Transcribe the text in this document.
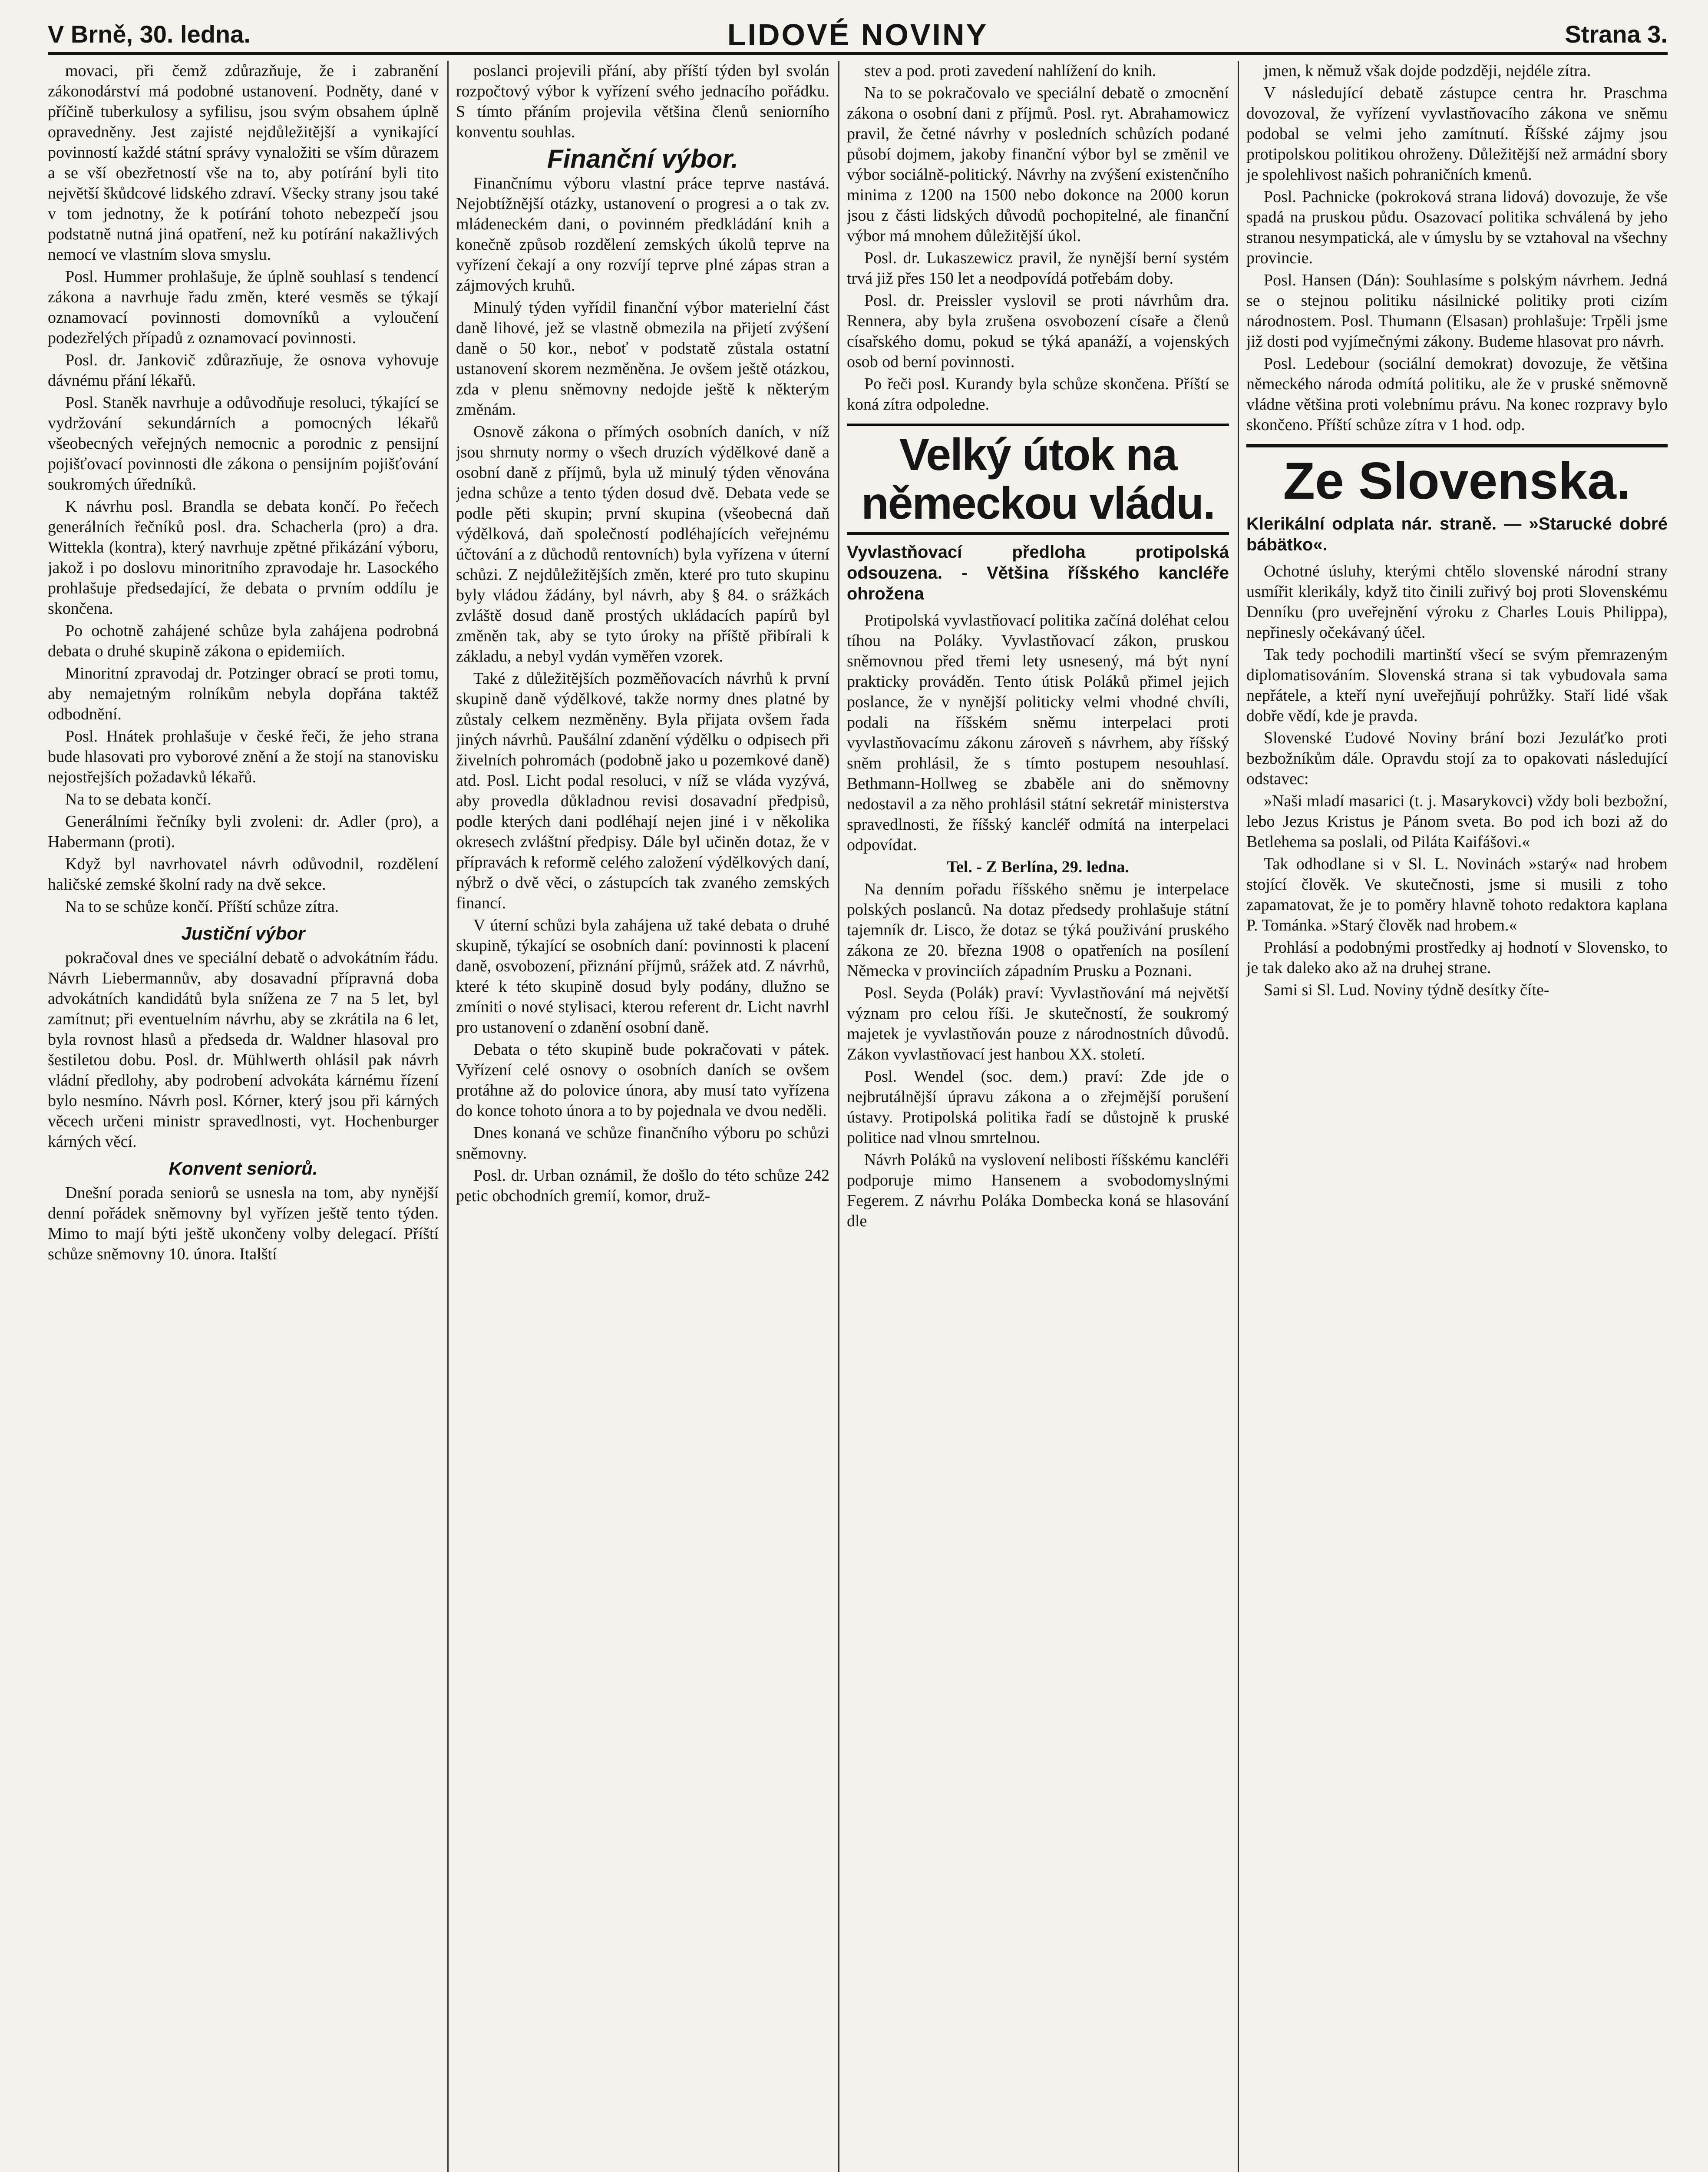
V Brně, 30. ledna.	LIDOVÉ NOVINY	Strana 3.

movaci, při čemž zdůrazňuje, že i zabranění zákonodárství má podobné ustanovení. Podněty, dané v příčině tuberkulosy a syfilisu, jsou svým obsahem úplně opravedněny. Jest zajisté nejdůležitější a vynikající povinností každé státní správy vynaložiti se vším důrazem a se vší obezřetností vše na to, aby potírání byli tito největší škůdcové lidského zdraví. Všecky strany jsou také v tom jednotny, že k potírání tohoto nebezpečí jsou podstatně nutná jiná opatření, než ku potírání nakažlivých nemocí ve vlastním slova smyslu.

Posl. Hummer prohlašuje, že úplně souhlasí s tendencí zákona a navrhuje řadu změn, které vesměs se týkají oznamovací povinnosti domovníků a vyloučení podezřelých případů z oznamovací povinnosti.

Posl. dr. Jankovič zdůrazňuje, že osnova vyhovuje dávnému přání lékařů.

Posl. Staněk navrhuje a odůvodňuje resoluci, týkající se vydržování sekundárních a pomocných lékařů všeobecných veřejných nemocnic a porodnic z pensijní pojišťovací povinnosti dle zákona o pensijním pojišťování soukromých úředníků.

K návrhu posl. Brandla se debata končí. Po řečech generálních řečníků posl. dra. Schacherla (pro) a dra. Wittekla (kontra), který navrhuje zpětné přikázání výboru, jakož i po doslovu minoritního zpravodaje hr. Lasockého prohlašuje předsedající, že debata o prvním oddílu je skončena.

Po ochotně zahájené schůze byla zahájena podrobná debata o druhé skupině zákona o epidemiích.

Minoritní zpravodaj dr. Potzinger obrací se proti tomu, aby nemajetným rolníkům nebyla dopřána taktéž odbodnění.

Posl. Hnátek prohlašuje v české řeči, že jeho strana bude hlasovati pro vyborové znění a že stojí na stanovisku nejostřejších požadavků lékařů.

Na to se debata končí.

Generálními řečníky byli zvoleni: dr. Adler (pro), a Habermann (proti).

Když byl navrhovatel návrh odůvodnil, rozdělení haličské zemské školní rady na dvě sekce.

Na to se schůze končí. Příští schůze zítra.

Justiční výbor

pokračoval dnes ve speciální debatě o advokátním řádu. Návrh Liebermannův, aby dosavadní přípravná doba advokátních kandidátů byla snížena ze 7 na 5 let, byl zamítnut; při eventuelním návrhu, aby se zkrátila na 6 let, byla rovnost hlasů a předseda dr. Waldner hlasoval pro šestiletou dobu. Posl. dr. Mühlwerth ohlásil pak návrh vládní předlohy, aby podrobení advokáta kárnému řízení bylo nesmíno. Návrh posl. Kórner, který jsou při kárných věcech určeni ministr spravedlnosti, vyt. Hochenburger kárných věcí.

Konvent seniorů.

Dnešní porada seniorů se usnesla na tom, aby nynější denní pořádek sněmovny byl vyřízen ještě tento týden. Mimo to mají býti ještě ukončeny volby delegací. Příští schůze sněmovny 10. února. Italští

poslanci projevili přání, aby příští týden byl svolán rozpočtový výbor k vyřízení svého jednacího pořádku. S tímto přáním projevila většina členů seniorního konventu souhlas.

Finanční výbor.

Finančnímu výboru vlastní práce teprve nastává. Nejobtížnější otázky, ustanovení o progresi a o tak zv. mládeneckém dani, o povinném předkládání knih a konečně způsob rozdělení zemských úkolů teprve na vyřízení čekají a ony rozvíjí teprve plné zápas stran a zájmových kruhů.

Minulý týden vyřídil finanční výbor materielní část daně lihové, jež se vlastně obmezila na přijetí zvýšení daně o 50 kor., neboť v podstatě zůstala ostatní ustanovení skorem nezměněna. Je ovšem ještě otázkou, zda v plenu sněmovny nedojde ještě k některým změnám.

Osnově zákona o přímých osobních daních, v níž jsou shrnuty normy o všech druzích výdělkové daně a osobní daně z příjmů, byla už minulý týden věnována jedna schůze a tento týden dosud dvě. Debata vede se podle pěti skupin; první skupina (všeobecná daň výdělková, daň společností podléhajících veřejnému účtování a z důchodů rentovních) byla vyřízena v úterní schůzi. Z nejdůležitějších změn, které pro tuto skupinu byly vládou žádány, byl návrh, aby § 84. o srážkách zvláště dosud daně prostých ukládacích papírů byl změněn tak, aby se tyto úroky na příště přibírali k základu, a nebyl vydán vyměřen vzorek.

Také z důležitějších pozměňovacích návrhů k první skupině daně výdělkové, takže normy dnes platné by zůstaly celkem nezměněny. Byla přijata ovšem řada jiných návrhů. Paušální zdanění výdělku o odpisech při živelních pohromách (podobně jako u pozemkové daně) atd. Posl. Licht podal resoluci, v níž se vláda vyzývá, aby provedla důkladnou revisi dosavadní předpisů, podle kterých dani podléhají nejen jiné i v několika okresech zvláštní předpisy. Dále byl učiněn dotaz, že v přípravách k reformě celého založení výdělkových daní, nýbrž o dvě věci, o zástupcích tak zvaného zemských financí.

V úterní schůzi byla zahájena už také debata o druhé skupině, týkající se osobních daní: povinnosti k placení daně, osvobození, přiznání příjmů, srážek atd. Z návrhů, které k této skupině dosud byly podány, dlužno se zmíniti o nové stylisaci, kterou referent dr. Licht navrhl pro ustanovení o zdanění osobní daně.

Debata o této skupině bude pokračovati v pátek. Vyřízení celé osnovy o osobních daních se ovšem protáhne až do polovice února, aby musí tato vyřízena do konce tohoto února a to by pojednala ve dvou neděli.

Dnes konaná ve schůze finančního výboru po schůzi sněmovny.

Posl. dr. Urban oznámil, že došlo do této schůze 242 petic obchodních gremií, komor, druž-

stev a pod. proti zavedení nahlížení do knih.

Na to se pokračovalo ve speciální debatě o zmocnění zákona o osobní dani z příjmů. Posl. ryt. Abrahamowicz pravil, že četné návrhy v posledních schůzích podané působí dojmem, jakoby finanční výbor byl se změnil ve výbor sociálně-politický. Návrhy na zvýšení existenčního minima z 1200 na 1500 nebo dokonce na 2000 korun jsou z části lidských důvodů pochopitelné, ale finanční výbor má mnohem důležitější úkol.

Posl. dr. Lukaszewicz pravil, že nynější berní systém trvá již přes 150 let a neodpovídá potřebám doby.

Posl. dr. Preissler vyslovil se proti návrhům dra. Rennera, aby byla zrušena osvobození císaře a členů císařského domu, pokud se týká apanáží, a vojenských osob od berní povinnosti.

Po řeči posl. Kurandy byla schůze skončena. Příští se koná zítra odpoledne.

Velký útok na německou vládu.
Vyvlastňovací předloha protipolská odsouzena. - Většina říšského kancléře ohrožena

Protipolská vyvlastňovací politika začíná doléhat celou tíhou na Poláky. Vyvlastňovací zákon, pruskou sněmovnou před třemi lety usnesený, má být nyní prakticky prováděn. Tento útisk Poláků přimel jejich poslance, že v nynější politicky velmi vhodné chvíli, podali na říšském sněmu interpelaci proti vyvlastňovacímu zákonu zároveň s návrhem, aby říšský sněm prohlásil, že s tímto postupem nesouhlasí. Bethmann-Hollweg se zbaběle ani do sněmovny nedostavil a za něho prohlásil státní sekretář ministerstva spravedlnosti, že říšský kancléř odmítá na interpelaci odpovídat.

Tel. - Z Berlína, 29. ledna.

Na denním pořadu říšského sněmu je interpelace polských poslanců. Na dotaz předsedy prohlašuje státní tajemník dr. Lisco, že dotaz se týká použivání pruského zákona ze 20. března 1908 o opatřeních na posílení Německa v provinciích západním Prusku a Poznani.

Posl. Seyda (Polák) praví: Vyvlastňování má největší význam pro celou říši. Je skutečností, že soukromý majetek je vyvlastňován pouze z národnostních důvodů. Zákon vyvlastňovací jest hanbou XX. století.

Posl. Wendel (soc. dem.) praví: Zde jde o nejbrutálnější úpravu zákona a o zřejmější porušení ústavy. Protipolská politika řadí se důstojně k pruské politice nad vlnou smrtelnou.

Návrh Poláků na vyslovení nelibosti říšskému kancléři podporuje mimo Hansenem a svobodomyslnými Fegerem. Z návrhu Poláka Dombecka koná se hlasování dle

jmen, k němuž však dojde podzději, nejdéle zítra.

V následující debatě zástupce centra hr. Praschma dovozoval, že vyřízení vyvlastňovacího zákona ve sněmu podobal se velmi jeho zamítnutí. Říšské zájmy jsou protipolskou politikou ohroženy. Důležitější než armádní sbory je spolehlivost našich pohraničních kmenů.

Posl. Pachnicke (pokroková strana lidová) dovozuje, že vše spadá na pruskou půdu. Osazovací politika schválená by jeho stranou nesympatická, ale v úmyslu by se vztahoval na všechny provincie.

Posl. Hansen (Dán): Souhlasíme s polským návrhem. Jedná se o stejnou politiku násilnické politiky proti cizím národnostem. Posl. Thumann (Elsasan) prohlašuje: Trpěli jsme již dosti pod vyjímečnými zákony. Budeme hlasovat pro návrh.

Posl. Ledebour (sociální demokrat) dovozuje, že většina německého národa odmítá politiku, ale že v pruské sněmovně vládne většina proti volebnímu právu. Na konec rozpravy bylo skončeno. Příští schůze zítra v 1 hod. odp.

Ze Slovenska.
Klerikální odplata nár. straně. — »Starucké dobré bábätko«.

Ochotné úsluhy, kterými chtělo slovenské národní strany usmířit klerikály, když tito činili zuřivý boj proti Slovenskému Denníku (pro uveřejnění výroku z Charles Louis Philippa), nepřinesly očekávaný účel.

Tak tedy pochodili martinští všecí se svým přemrazeným diplomatisováním. Slovenská strana si tak vybudovala sama nepřátele, a kteří nyní uveřejňují pohrůžky. Staří lidé však dobře vědí, kde je pravda.

Slovenské Ľudové Noviny brání bozi Jezuláťko proti bezbožníkům dále. Opravdu stojí za to opakovati následující odstavec:

»Naši mladí masarici (t. j. Masarykovci) vždy boli bezbožní, lebo Jezus Kristus je Pánom sveta. Bo pod ich bozi až do Betlehema sa poslali, od Piláta Kaifášovi.«

Tak odhodlane si v Sl. L. Novinách »starý« nad hrobem stojící člověk. Ve skutečnosti, jsme si musili z toho zapamatovat, že je to poměry hlavně tohoto redaktora kaplana P. Tománka. »Starý člověk nad hrobem.«

Prohlásí a podobnými prostředky aj hodnotí v Slovensko, to je tak daleko ako až na druhej strane.

Sami si Sl. Lud. Noviny týdně desítky číte-
